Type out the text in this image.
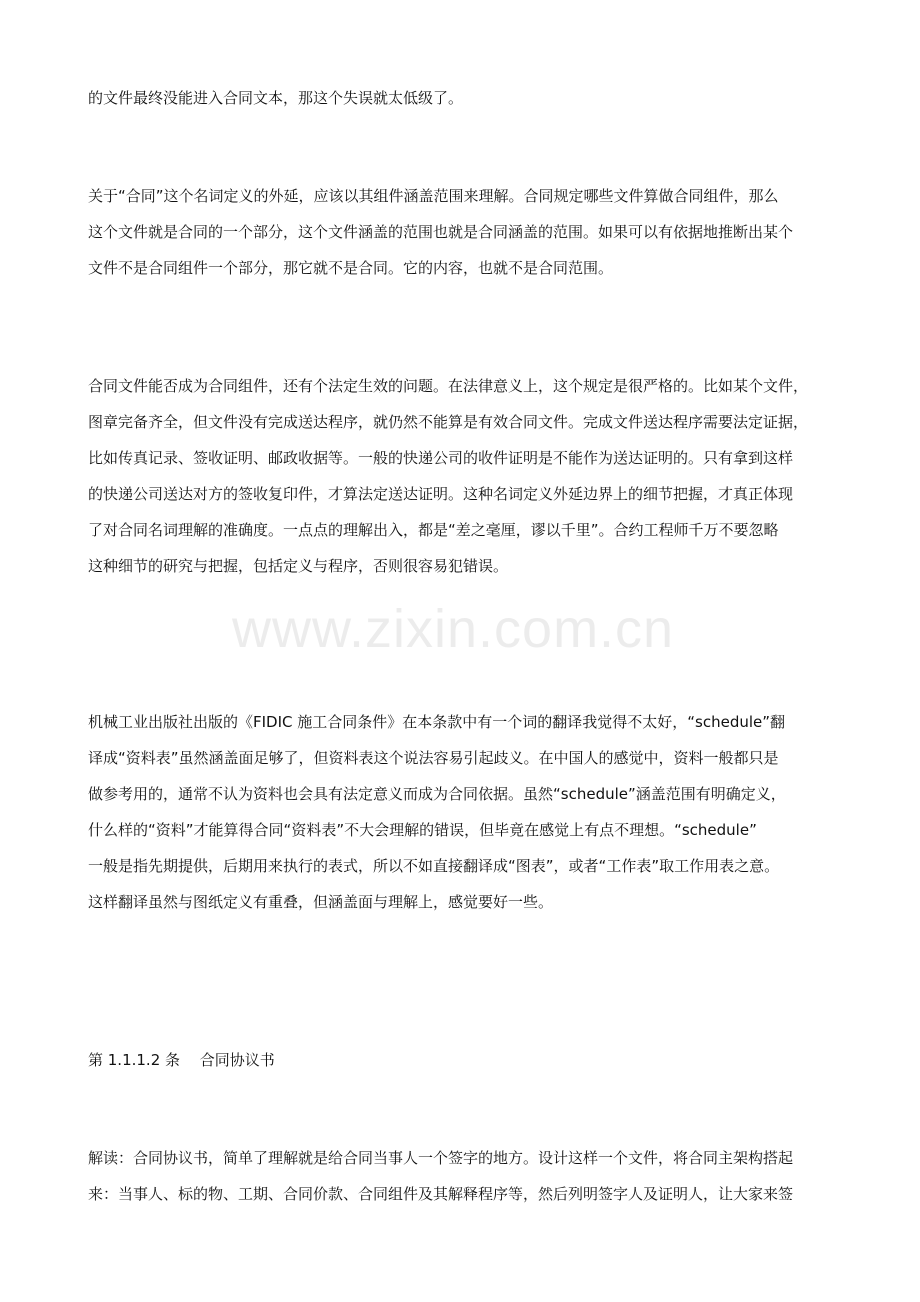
的文件最终没能进入合同文本，那这个失误就太低级了。

关于“合同”这个名词定义的外延，应该以其组件涵盖范围来理解。合同规定哪些文件算做合同组件，那么
这个文件就是合同的一个部分，这个文件涵盖的范围也就是合同涵盖的范围。如果可以有依据地推断出某个
文件不是合同组件一个部分，那它就不是合同。它的内容，也就不是合同范围。

合同文件能否成为合同组件，还有个法定生效的问题。在法律意义上，这个规定是很严格的。比如某个文件，
图章完备齐全，但文件没有完成送达程序，就仍然不能算是有效合同文件。完成文件送达程序需要法定证据，
比如传真记录、签收证明、邮政收据等。一般的快递公司的收件证明是不能作为送达证明的。只有拿到这样
的快递公司送达对方的签收复印件，才算法定送达证明。这种名词定义外延边界上的细节把握，才真正体现
了对合同名词理解的准确度。一点点的理解出入，都是“差之毫厘，谬以千里”。合约工程师千万不要忽略
这种细节的研究与把握，包括定义与程序，否则很容易犯错误。

机械工业出版社出版的《FIDIC 施工合同条件》在本条款中有一个词的翻译我觉得不太好，“schedule”翻
译成“资料表”虽然涵盖面足够了，但资料表这个说法容易引起歧义。在中国人的感觉中，资料一般都只是
做参考用的，通常不认为资料也会具有法定意义而成为合同依据。虽然“schedule”涵盖范围有明确定义，
什么样的“资料”才能算得合同“资料表”不大会理解的错误，但毕竟在感觉上有点不理想。“schedule”
一般是指先期提供，后期用来执行的表式，所以不如直接翻译成“图表”，或者“工作表”取工作用表之意。
这样翻译虽然与图纸定义有重叠，但涵盖面与理解上，感觉要好一些。

第 1.1.1.2 条　 合同协议书

解读：合同协议书，简单了理解就是给合同当事人一个签字的地方。设计这样一个文件，将合同主架构搭起
来：当事人、标的物、工期、合同价款、合同组件及其解释程序等，然后列明签字人及证明人，让大家来签

www.zixin.com.cn
